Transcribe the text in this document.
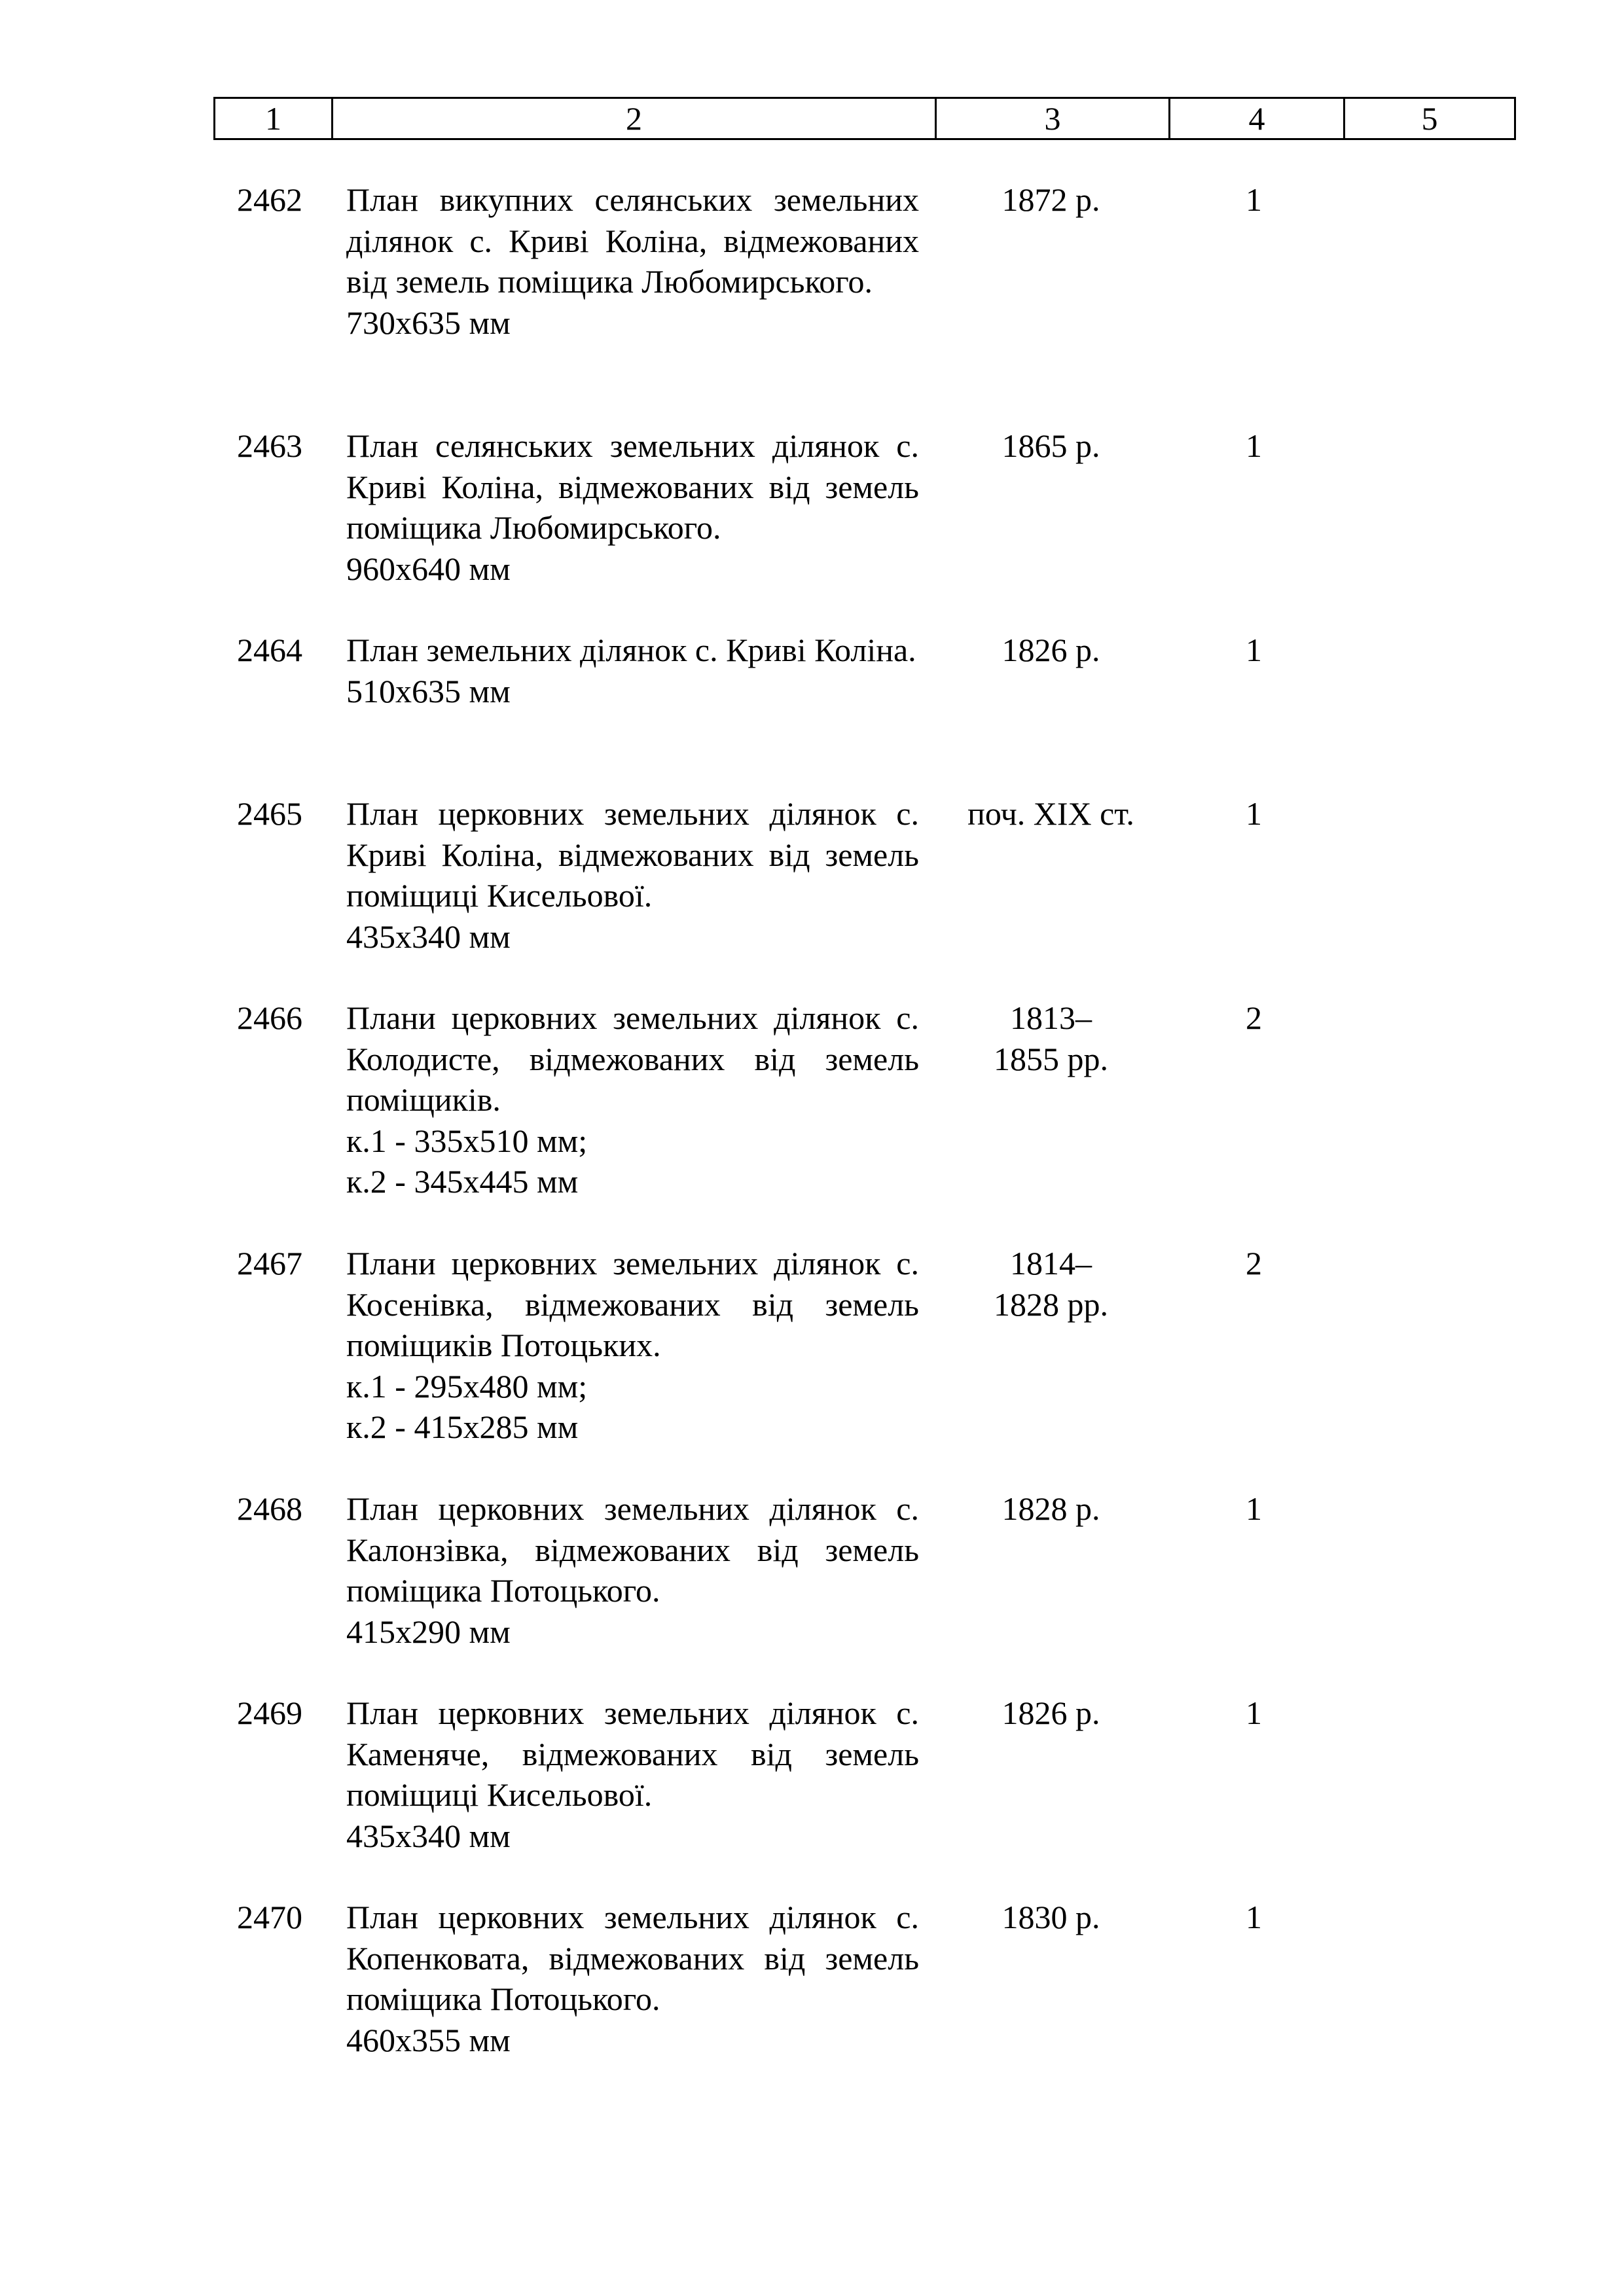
1	2	3	4	5
2462	План викупних селянських земельних ділянок с. Криві Коліна, відмежованих від земель поміщика Любомирського.
730х635 мм
1872 р.	1
2463	План селянських земельних ділянок с. Криві Коліна, відмежованих від земель поміщика Любомирського.
960х640 мм
1865 р.	1
2464	План земельних ділянок с. Криві Коліна.
510х635 мм
1826 р.	1
2465	План церковних земельних ділянок с. Криві Коліна, відмежованих від земель поміщиці Кисельової.
435х340 мм
поч. ХІХ ст.	1
2466	Плани церковних земельних ділянок с. Колодисте, відмежованих від земель поміщиків.
к.1 - 335х510 мм;
к.2 - 345х445 мм
1813–
1855 рр.
2
2467	Плани церковних земельних ділянок с. Косенівка, відмежованих від земель поміщиків Потоцьких.
к.1 - 295х480 мм;
к.2 - 415х285 мм
1814–
1828 рр.
2
2468	План церковних земельних ділянок с. Калонзівка, відмежованих від земель поміщика Потоцького.
415х290 мм
1828 р.	1
2469	План церковних земельних ділянок с. Каменяче, відмежованих від земель поміщиці Кисельової.
435х340 мм
1826 р.	1
2470	План церковних земельних ділянок с. Копенковата, відмежованих від земель поміщика Потоцького.
460х355 мм
1830 р.	1
